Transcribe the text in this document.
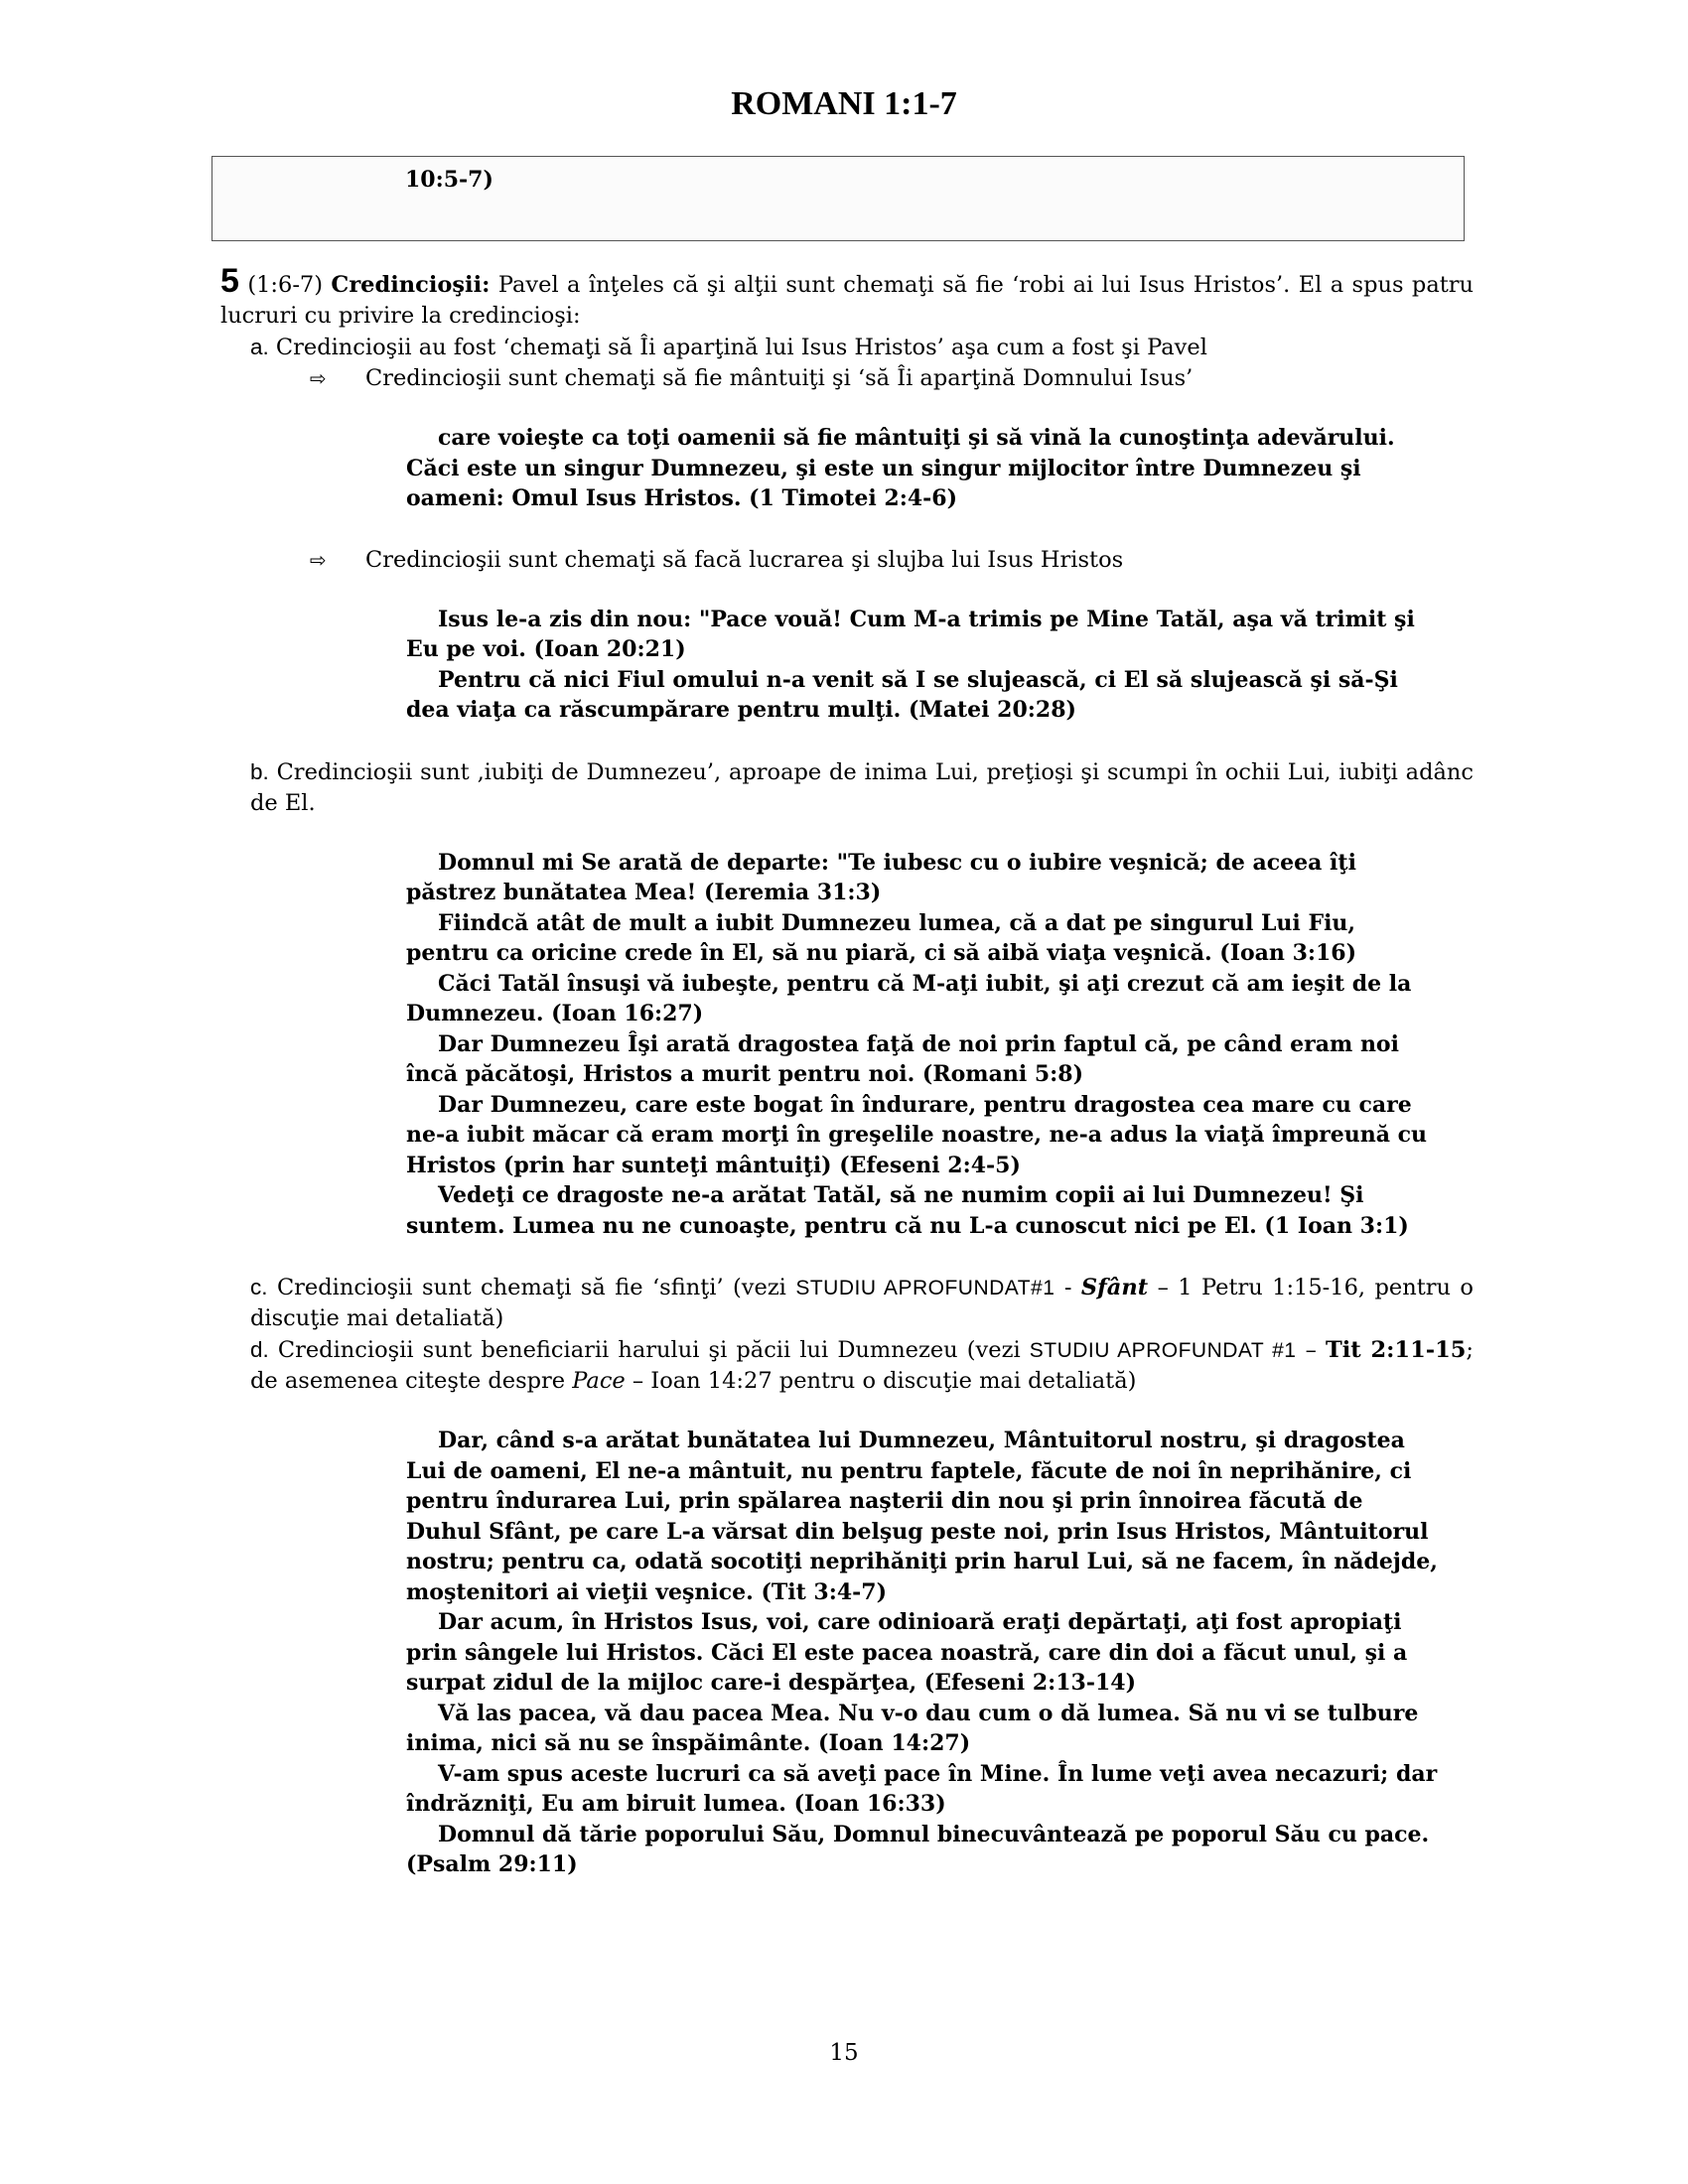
ROMANI 1:1-7
10:5-7)

5 (1:6-7) Credincioşii: Pavel a înţeles că şi alţii sunt chemaţi să fie ‘robi ai lui Isus Hristos’. El a spus patru lucruri cu privire la credincioşi:

a. Credincioşii au fost ‘chemaţi să Îi aparţină lui Isus Hristos’ aşa cum a fost şi Pavel

⇨	Credincioşii sunt chemaţi să fie mântuiţi şi ‘să Îi aparţină Domnului Isus’

care voieşte ca toţi oamenii să fie mântuiţi şi să vină la cunoştinţa adevărului. Căci este un singur Dumnezeu, şi este un singur mijlocitor între Dumnezeu şi oameni: Omul Isus Hristos. (1 Timotei 2:4-6)

⇨	Credincioşii sunt chemaţi să facă lucrarea şi slujba lui Isus Hristos

Isus le-a zis din nou: "Pace vouă! Cum M-a trimis pe Mine Tatăl, aşa vă trimit şi Eu pe voi. (Ioan 20:21)

Pentru că nici Fiul omului n-a venit să I se slujească, ci El să slujească şi să-Şi dea viaţa ca răscumpărare pentru mulţi. (Matei 20:28)

b. Credincioşii sunt ‚iubiţi de Dumnezeu’, aproape de inima Lui, preţioşi şi scumpi în ochii Lui, iubiţi adânc de El.

Domnul mi Se arată de departe: "Te iubesc cu o iubire veşnică; de aceea îţi păstrez bunătatea Mea! (Ieremia 31:3)

Fiindcă atât de mult a iubit Dumnezeu lumea, că a dat pe singurul Lui Fiu, pentru ca oricine crede în El, să nu piară, ci să aibă viaţa veşnică. (Ioan 3:16)

Căci Tatăl însuşi vă iubeşte, pentru că M-aţi iubit, şi aţi crezut că am ieşit de la Dumnezeu. (Ioan 16:27)

Dar Dumnezeu Îşi arată dragostea faţă de noi prin faptul că, pe când eram noi încă păcătoşi, Hristos a murit pentru noi. (Romani 5:8)

Dar Dumnezeu, care este bogat în îndurare, pentru dragostea cea mare cu care ne-a iubit măcar că eram morţi în greşelile noastre, ne-a adus la viaţă împreună cu Hristos (prin har sunteţi mântuiţi) (Efeseni 2:4-5)

Vedeţi ce dragoste ne-a arătat Tatăl, să ne numim copii ai lui Dumnezeu! Şi suntem. Lumea nu ne cunoaşte, pentru că nu L-a cunoscut nici pe El. (1 Ioan 3:1)

c. Credincioşii sunt chemaţi să fie ‘sfinţi’ (vezi STUDIU APROFUNDAT#1 - Sfânt – 1 Petru 1:15-16, pentru o discuţie mai detaliată)

d. Credincioşii sunt beneficiarii harului şi păcii lui Dumnezeu (vezi STUDIU APROFUNDAT #1 – Tit 2:11-15; de asemenea citeşte despre Pace – Ioan 14:27 pentru o discuţie mai detaliată)

Dar, când s-a arătat bunătatea lui Dumnezeu, Mântuitorul nostru, şi dragostea Lui de oameni, El ne-a mântuit, nu pentru faptele, făcute de noi în neprihănire, ci pentru îndurarea Lui, prin spălarea naşterii din nou şi prin înnoirea făcută de Duhul Sfânt, pe care L-a vărsat din belşug peste noi, prin Isus Hristos, Mântuitorul nostru; pentru ca, odată socotiţi neprihăniţi prin harul Lui, să ne facem, în nădejde, moştenitori ai vieţii veşnice. (Tit 3:4-7)

Dar acum, în Hristos Isus, voi, care odinioară eraţi depărtaţi, aţi fost apropiaţi prin sângele lui Hristos. Căci El este pacea noastră, care din doi a făcut unul, şi a surpat zidul de la mijloc care-i despărţea, (Efeseni 2:13-14)

Vă las pacea, vă dau pacea Mea. Nu v-o dau cum o dă lumea. Să nu vi se tulbure inima, nici să nu se înspăimânte. (Ioan 14:27)

V-am spus aceste lucruri ca să aveţi pace în Mine. În lume veţi avea necazuri; dar îndrăzniţi, Eu am biruit lumea. (Ioan 16:33)

Domnul dă tărie poporului Său, Domnul binecuvântează pe poporul Său cu pace. (Psalm 29:11)

15
